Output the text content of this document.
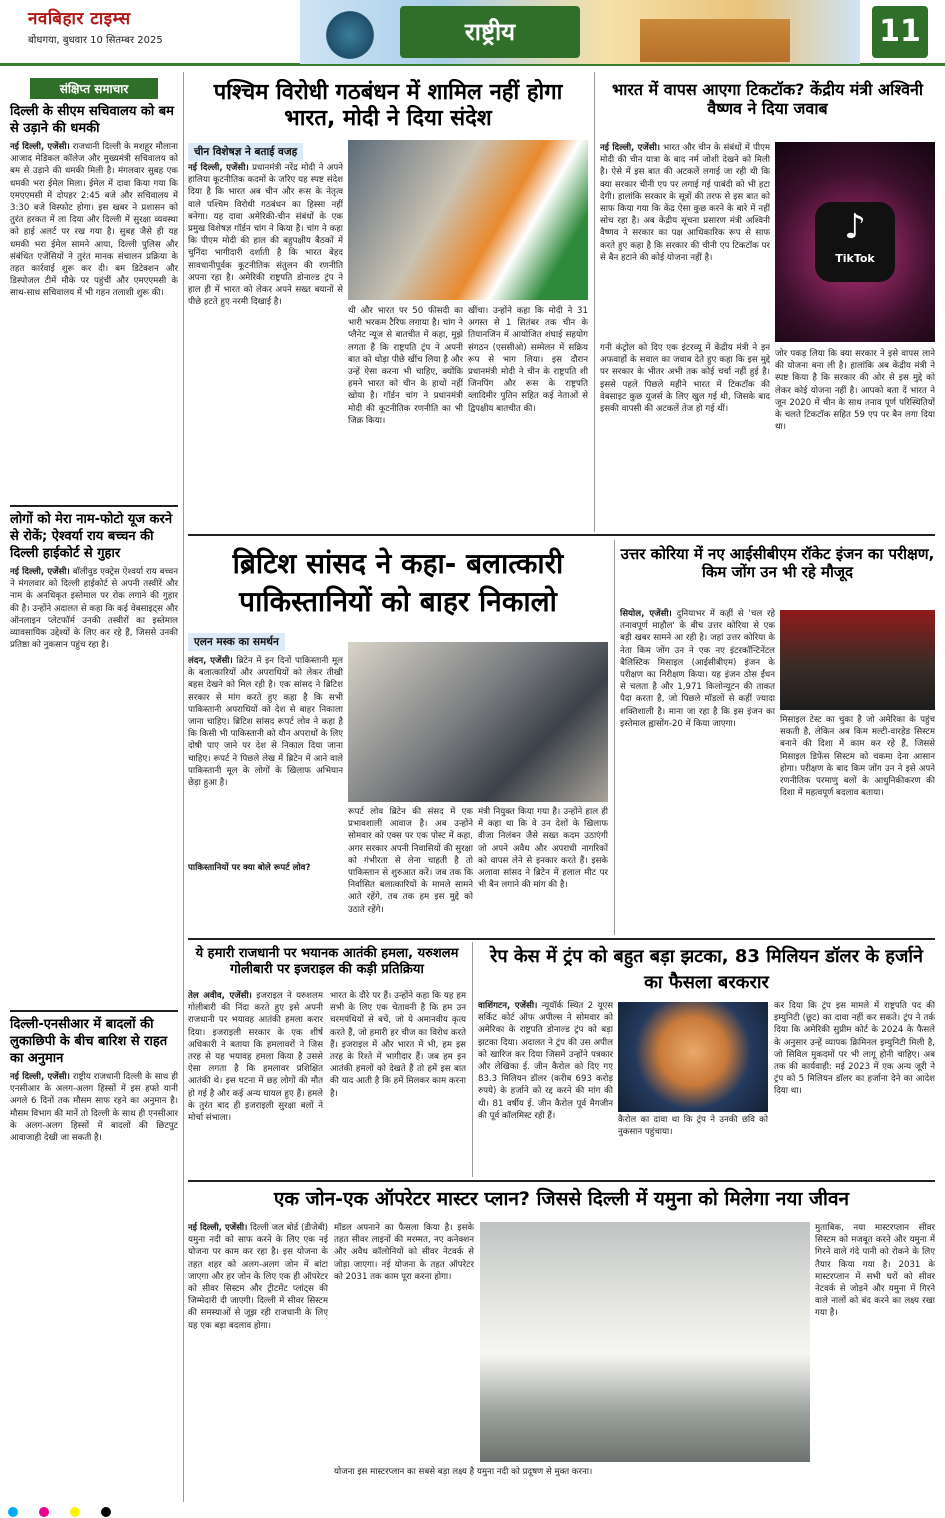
नवबिहार टाइम्स
बोधगया, बुधवार 10 सितम्बर 2025	राष्ट्रीय	11
संक्षिप्त समाचार
दिल्ली के सीएम सचिवालय को बम से उड़ाने की धमकी
नई दिल्ली, एजेंसी। राजधानी दिल्ली के मशहूर मौलाना आजाद मेडिकल कॉलेज और मुख्यमंत्री सचिवालय को बम से उड़ाने की धमकी मिली है। मंगलवार सुबह एक धमकी भरा ईमेल मिला। ईमेल में दावा किया गया कि एमएएमसी में दोपहर 2:45 बजे और सचिवालय में 3:30 बजे विस्फोट होगा। इस खबर ने प्रशासन को तुरंत हरकत में ला दिया और दिल्ली में सुरक्षा व्यवस्था को हाई अलर्ट पर रख गया है। सुबह जैसे ही यह धमकी भरा ईमेल सामने आया, दिल्ली पुलिस और संबंधित एजेंसियों ने तुरंत मानक संचालन प्रक्रिया के तहत कार्रवाई शुरू कर दी। बम डिटेक्शन और डिस्पोजल टीमें मौके पर पहुंचीं और एमएएमसी के साथ-साथ सचिवालय में भी गहन तलाशी शुरू की।
लोगों को मेरा नाम-फोटो यूज करने से रोकें; ऐश्वर्या राय बच्चन की दिल्ली हाईकोर्ट से गुहार
नई दिल्ली, एजेंसी। बॉलीवुड एक्ट्रेस ऐश्वर्या राय बच्चन ने मंगलवार को दिल्ली हाईकोर्ट से अपनी तस्वीरें और नाम के अनधिकृत इस्तेमाल पर रोक लगाने की गुहार की है। उन्होंने अदालत से कहा कि कई वेबसाइट्स और ऑनलाइन प्लेटफॉर्म उनकी तस्वीरों का इस्तेमाल व्यावसायिक उद्देश्यों के लिए कर रहे हैं, जिससे उनकी प्रतिष्ठा को नुकसान पहुंच रहा है।
दिल्ली-एनसीआर में बादलों की लुकाछिपी के बीच बारिश से राहत का अनुमान
नई दिल्ली, एजेंसी। राष्ट्रीय राजधानी दिल्ली के साथ ही एनसीआर के अलग-अलग हिस्सों में इस हफ्ते यानी अगले 6 दिनों तक मौसम साफ रहने का अनुमान है। मौसम विभाग की मानें तो दिल्ली के साथ ही एनसीआर के अलग-अलग हिस्सों में बादलों की छिटपुट आवाजाही देखी जा सकती है।
पश्चिम विरोधी गठबंधन में शामिल नहीं होगा भारत, मोदी ने दिया संदेश
चीन विशेषज्ञ ने बताई वजह
नई दिल्ली, एजेंसी। प्रधानमंत्री नरेंद्र मोदी ने अपने हालिया कूटनीतिक कदमों के जरिए यह स्पष्ट संदेश दिया है कि भारत अब चीन और रूस के नेतृत्व वाले पश्चिम विरोधी गठबंधन का हिस्सा नहीं बनेगा। यह दावा अमेरिकी-चीन संबंधों के एक प्रमुख विशेषज्ञ गॉर्डन चांग ने किया है। चांग ने कहा कि पीएम मोदी की हाल की बहुपक्षीय बैठकों में चुनिंदा भागीदारी दर्शाती है कि भारत बेहद सावधानीपूर्वक कूटनीतिक संतुलन की रणनीति अपना रहा है। अमेरिकी राष्ट्रपति डोनाल्ड ट्रंप ने हाल ही में भारत को लेकर अपने सख्त बयानों से पीछे हटते हुए नरमी दिखाई है।
थी और भारत पर 50 फीसदी का भारी भरकम टैरिफ लगाया है। चांग ने प्लैनेट न्यूज से बातचीत में कहा, मुझे लगता है कि राष्ट्रपति ट्रंप ने अपनी बात को थोड़ा पीछे खींच लिया है और उन्हें ऐसा करना भी चाहिए, क्योंकि हमने भारत को चीन के हाथों नहीं खोया है। गॉर्डन चांग ने प्रधानमंत्री मोदी की कूटनीतिक रणनीति का भी जिक्र किया।
खींचा। उन्होंने कहा कि मोदी ने 31 अगस्त से 1 सितंबर तक चीन के तियानजिन में आयोजित शंघाई सहयोग संगठन (एससीओ) सम्मेलन में सक्रिय रूप से भाग लिया। इस दौरान प्रधानमंत्री मोदी ने चीन के राष्ट्रपति शी जिनपिंग और रूस के राष्ट्रपति व्लादिमीर पुतिन सहित कई नेताओं से द्विपक्षीय बातचीत की।
भारत में वापस आएगा टिकटॉक? केंद्रीय मंत्री अश्विनी वैष्णव ने दिया जवाब
नई दिल्ली, एजेंसी। भारत और चीन के संबंधों में पीएम मोदी की चीन यात्रा के बाद नर्म जोशी देखने को मिली है। ऐसे में इस बात की अटकलें लगाई जा रही थी कि क्या सरकार चीनी एप पर लगाई गई पाबंदी को भी हटा देगी। हालांकि सरकार के सूत्रों की तरफ से इस बात को साफ किया गया कि केंद्र ऐसा कुछ करने के बारे में नहीं सोच रहा है। अब केंद्रीय सूचना प्रसारण मंत्री अश्विनी वैष्णव ने सरकार का पक्ष आधिकारिक रूप से साफ करते हुए कहा है कि सरकार की चीनी एप टिकटॉक पर से बैन हटाने की कोई योजना नहीं है।
♪
TikTok
गनी कंट्रोल को दिए एक इंटरव्यू में केंद्रीय मंत्री ने इन अफवाहों के सवाल का जवाब देते हुए कहा कि इस मुद्दे पर सरकार के भीतर अभी तक कोई चर्चा नहीं हुई है। इससे पहले पिछले महीने भारत में टिकटॉक की वेबसाइट कुछ यूजर्स के लिए खुल गई थी, जिसके बाद इसकी वापसी की अटकलें तेज हो गई थीं।
जोर पकड़ लिया कि क्या सरकार ने इसे वापस लाने की योजना बना ली है। हालांकि अब केंद्रीय मंत्री ने स्पष्ट किया है कि सरकार की ओर से इस मुद्दे को लेकर कोई योजना नहीं है। आपको बता दें भारत ने जून 2020 में चीन के साथ तनाव पूर्ण परिस्थितियों के चलते टिकटॉक सहित 59 एप पर बैन लगा दिया था।
ब्रिटिश सांसद ने कहा- बलात्कारी पाकिस्तानियों को बाहर निकालो
एलन मस्क का समर्थन
लंदन, एजेंसी। ब्रिटेन में इन दिनों पाकिस्तानी मूल के बलात्कारियों और अपराधियों को लेकर तीखी बहस देखने को मिल रही है। एक सांसद ने ब्रिटिश सरकार से मांग करते हुए कहा है कि सभी पाकिस्तानी अपराधियों को देश से बाहर निकाला जाना चाहिए। ब्रिटिश सांसद रूपर्ट लोव ने कहा है कि किसी भी पाकिस्तानी को यौन अपराधों के लिए दोषी पाए जाने पर देश से निकाल दिया जाना चाहिए। रूपर्ट ने पिछले लेख में ब्रिटेन में आने वाले पाकिस्तानी मूल के लोगों के खिलाफ अभियान छेड़ा हुआ है।
पाकिस्तानियों पर क्या बोले रूपर्ट लोव?
रूपर्ट लोव ब्रिटेन की संसद में एक प्रभावशाली आवाज है। अब उन्होंने सोमवार को एक्स पर एक पोस्ट में कहा, अगर सरकार अपनी निवासियों की सुरक्षा को गंभीरता से लेना चाहती है तो पाकिस्तान से शुरुआत करें। जब तक कि निर्वासित बलात्कारियों के मामले सामने आते रहेंगे, तब तक हम इस मुद्दे को उठाते रहेंगे।
मंत्री नियुक्त किया गया है। उन्होंने हाल ही में कहा था कि वे उन देशों के खिलाफ वीजा निलंबन जैसे सख्त कदम उठाएंगी जो अपने अवैध और अपराधी नागरिकों को वापस लेने से इनकार करते हैं। इसके अलावा सांसद ने ब्रिटेन में हलाल मीट पर भी बैन लगाने की मांग की है।
उत्तर कोरिया में नए आईसीबीएम रॉकेट इंजन का परीक्षण, किम जोंग उन भी रहे मौजूद
सियोल, एजेंसी। दुनियाभर में कहीं से 'चल रहे तनावपूर्ण माहौल' के बीच उत्तर कोरिया से एक बड़ी खबर सामने आ रही है। जहां उत्तर कोरिया के नेता किम जोंग उन ने एक नए इंटरकॉन्टिनेंटल बैलिस्टिक मिसाइल (आईसीबीएम) इंजन के परीक्षण का निरीक्षण किया। यह इंजन ठोस ईंधन से चलता है और 1,971 किलोन्यूटन की ताकत पैदा करता है, जो पिछले मॉडलों से कहीं ज्यादा शक्तिशाली है। माना जा रहा है कि इस इंजन का इस्तेमाल ह्वासोंग-20 में किया जाएगा।	मिसाइल टेस्ट का चुका है जो अमेरिका के पहुंच सकती है, लेकिन अब किम मल्टी-वारहेड सिस्टम बनाने की दिशा में काम कर रहे हैं, जिससे मिसाइल डिफेंस सिस्टम को चकमा देना आसान होगा। परीक्षण के बाद किम जोंग उन ने इसे अपने रणनीतिक परमाणु बलों के आधुनिकीकरण की दिशा में महत्वपूर्ण बदलाव बताया।
ये हमारी राजधानी पर भयानक आतंकी हमला, यरुशलम गोलीबारी पर इजराइल की कड़ी प्रतिक्रिया
तेल अवीव, एजेंसी। इजराइल ने यरुशलम गोलीबारी की निंदा करते हुए इसे अपनी राजधानी पर भयावह आतंकी हमला करार दिया। इजराइली सरकार के एक शीर्ष अधिकारी ने बताया कि हमलावरों ने जिस तरह से यह भयावह हमला किया है उससे ऐसा लगता है कि हमलावर प्रशिक्षित आतंकी थे। इस घटना में छह लोगों की मौत हो गई है और कई अन्य घायल हुए हैं। हमले के तुरंत बाद ही इजराइली सुरक्षा बलों ने मोर्चा संभाला।
भारत के दौरे पर हैं। उन्होंने कहा कि यह हम सभी के लिए एक चेतावनी है कि हम उन चरमपंथियों से बचें, जो ये अमानवीय कृत्य करते हैं, जो हमारी हर चीज का विरोध करते हैं। इजराइल में और भारत में भी, हम इस तरह के रिश्ते में भागीदार हैं। जब हम इन आतंकी हमलों को देखते हैं तो हमें इस बात की याद आती है कि हमें मिलकर काम करना है।
रेप केस में ट्रंप को बहुत बड़ा झटका, 83 मिलियन डॉलर के हर्जाने का फैसला बरकरार
वाशिंगटन, एजेंसी। न्यूयॉर्क स्थित 2 यूएस सर्किट कोर्ट ऑफ अपील्स ने सोमवार को अमेरिका के राष्ट्रपति डोनाल्ड ट्रंप को बड़ा झटका दिया। अदालत ने ट्रंप की उस अपील को खारिज कर दिया जिसमें उन्होंने पत्रकार और लेखिका ई. जीन कैरोल को दिए गए 83.3 मिलियन डॉलर (करीब 693 करोड़ रुपये) के हर्जाने को रद्द करने की मांग की थी। 81 वर्षीय ई. जीन कैरोल पूर्व मैगजीन की पूर्व कॉलमिस्ट रही हैं।	कैरोल का दावा था कि ट्रंप ने उनकी छवि को नुकसान पहुंचाया।
कर दिया कि ट्रंप इस मामले में राष्ट्रपति पद की इम्युनिटी (छूट) का दावा नहीं कर सकते। ट्रंप ने तर्क दिया कि अमेरिकी सुप्रीम कोर्ट के 2024 के फैसले के अनुसार उन्हें व्यापक क्रिमिनल इम्युनिटी मिली है, जो सिविल मुकदमों पर भी लागू होनी चाहिए। अब तक की कार्यवाही: मई 2023 में एक अन्य जूरी ने ट्रंप को 5 मिलियन डॉलर का हर्जाना देने का आदेश दिया था।
एक जोन-एक ऑपरेटर मास्टर प्लान? जिससे दिल्ली में यमुना को मिलेगा नया जीवन
नई दिल्ली, एजेंसी। दिल्ली जल बोर्ड (डीजेबी) यमुना नदी को साफ करने के लिए एक नई योजना पर काम कर रहा है। इस योजना के तहत शहर को अलग-अलग जोन में बांटा जाएगा और हर जोन के लिए एक ही ऑपरेटर को सीवर सिस्टम और ट्रीटमेंट प्लांट्स की जिम्मेदारी दी जाएगी। दिल्ली में सीवर सिस्टम की समस्याओं से जूझ रही राजधानी के लिए यह एक बड़ा बदलाव होगा।
मॉडल अपनाने का फैसला किया है। इसके तहत सीवर लाइनों की मरम्मत, नए कनेक्शन और अवैध कॉलोनियों को सीवर नेटवर्क से जोड़ा जाएगा। नई योजना के तहत ऑपरेटर को 2031 तक काम पूरा करना होगा।
योजना इस मास्टरप्लान का सबसे बड़ा लक्ष्य है यमुना नदी को प्रदूषण से मुक्त करना।
मुताबिक, नया मास्टरप्लान सीवर सिस्टम को मजबूत करने और यमुना में गिरने वाले गंदे पानी को रोकने के लिए तैयार किया गया है। 2031 के मास्टरप्लान में सभी घरों को सीवर नेटवर्क से जोड़ने और यमुना में गिरने वाले नालों को बंद करने का लक्ष्य रखा गया है।
